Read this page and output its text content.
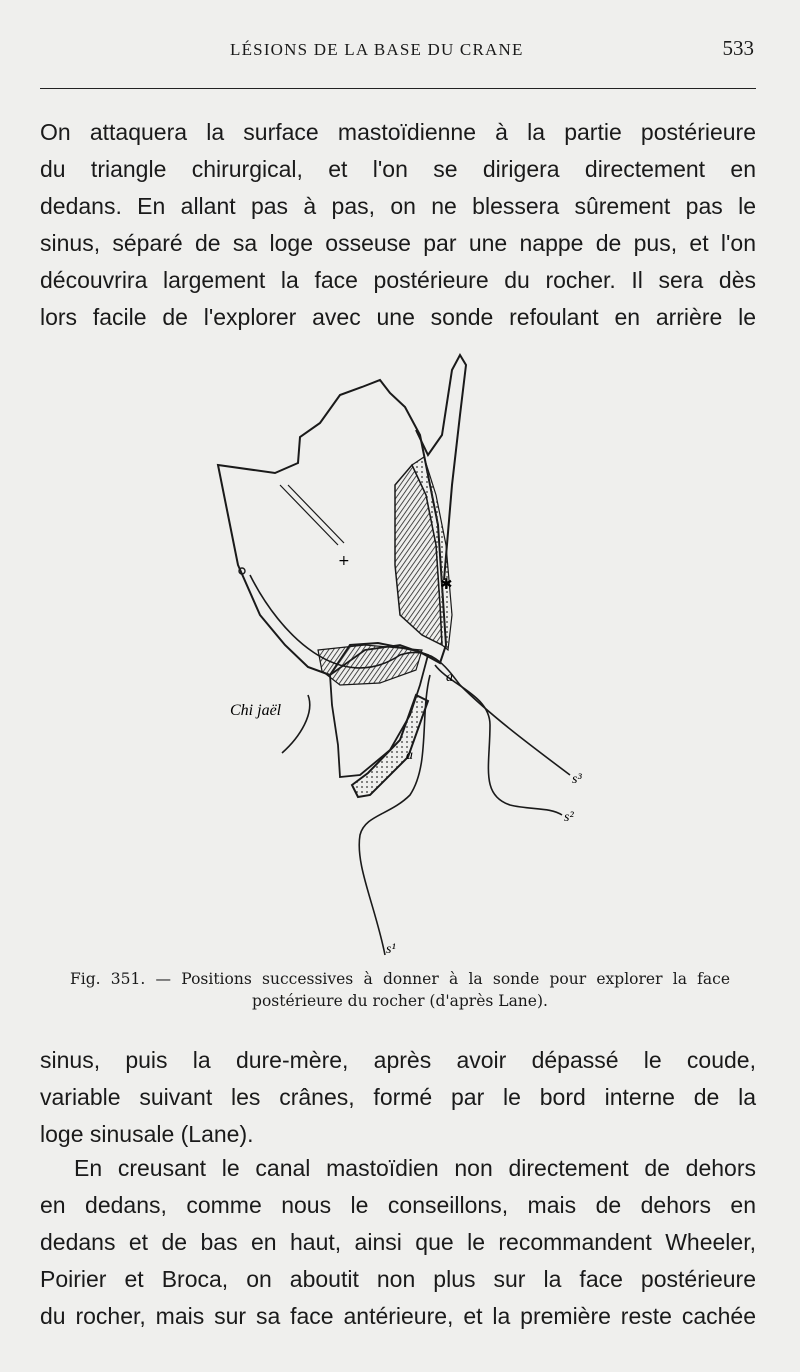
LÉSIONS DE LA BASE DU CRANE	533

On attaquera la surface mastoïdienne à la partie postérieure
du triangle chirurgical, et l'on se dirigera directement en
dedans. En allant pas à pas, on ne blessera sûrement pas le
sinus, séparé de sa loge osseuse par une nappe de pus, et l'on
découvrira largement la face postérieure du rocher. Il sera dès
lors facile de l'explorer avec une sonde refoulant en arrière le

✱
+
a
a
s³
s²
s¹
Chi jaël
Fig. 351. — Positions successives à donner à la sonde pour explorer la face
postérieure du rocher (d'après Lane).

sinus, puis la dure-mère, après avoir dépassé le coude,
variable suivant les crânes, formé par le bord interne de la
loge sinusale (Lane).

En creusant le canal mastoïdien non directement de dehors
en dedans, comme nous le conseillons, mais de dehors en
dedans et de bas en haut, ainsi que le recommandent Wheeler,
Poirier et Broca, on aboutit non plus sur la face postérieure
du rocher, mais sur sa face antérieure, et la première reste cachée
